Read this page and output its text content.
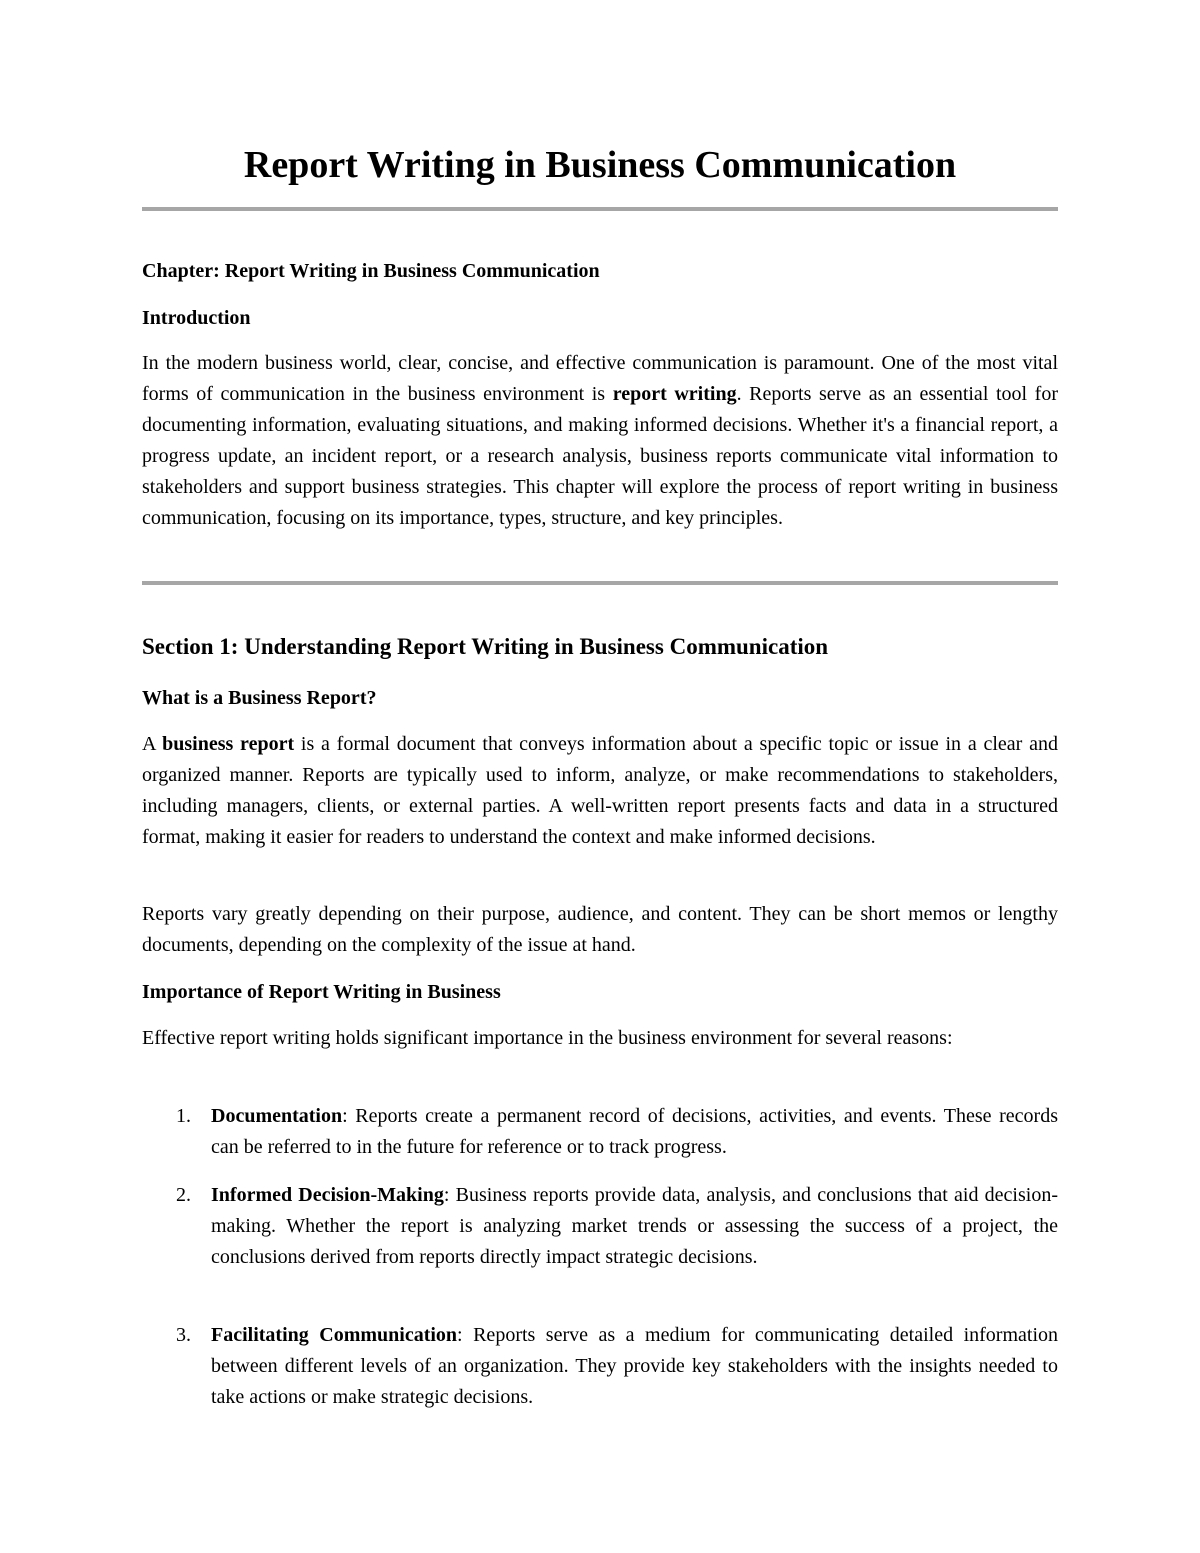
Report Writing in Business Communication

Chapter: Report Writing in Business Communication

Introduction

In the modern business world, clear, concise, and effective communication is paramount. One of the most vital forms of communication in the business environment is report writing. Reports serve as an essential tool for documenting information, evaluating situations, and making informed decisions. Whether it's a financial report, a progress update, an incident report, or a research analysis, business reports communicate vital information to stakeholders and support business strategies. This chapter will explore the process of report writing in business communication, focusing on its importance, types, structure, and key principles.

Section 1: Understanding Report Writing in Business Communication

What is a Business Report?

A business report is a formal document that conveys information about a specific topic or issue in a clear and organized manner. Reports are typically used to inform, analyze, or make recommendations to stakeholders, including managers, clients, or external parties. A well-written report presents facts and data in a structured format, making it easier for readers to understand the context and make informed decisions.

Reports vary greatly depending on their purpose, audience, and content. They can be short memos or lengthy documents, depending on the complexity of the issue at hand.

Importance of Report Writing in Business

Effective report writing holds significant importance in the business environment for several reasons:

1. Documentation: Reports create a permanent record of decisions, activities, and events. These records can be referred to in the future for reference or to track progress.

2. Informed Decision-Making: Business reports provide data, analysis, and conclusions that aid decision-making. Whether the report is analyzing market trends or assessing the success of a project, the conclusions derived from reports directly impact strategic decisions.

3. Facilitating Communication: Reports serve as a medium for communicating detailed information between different levels of an organization. They provide key stakeholders with the insights needed to take actions or make strategic decisions.
